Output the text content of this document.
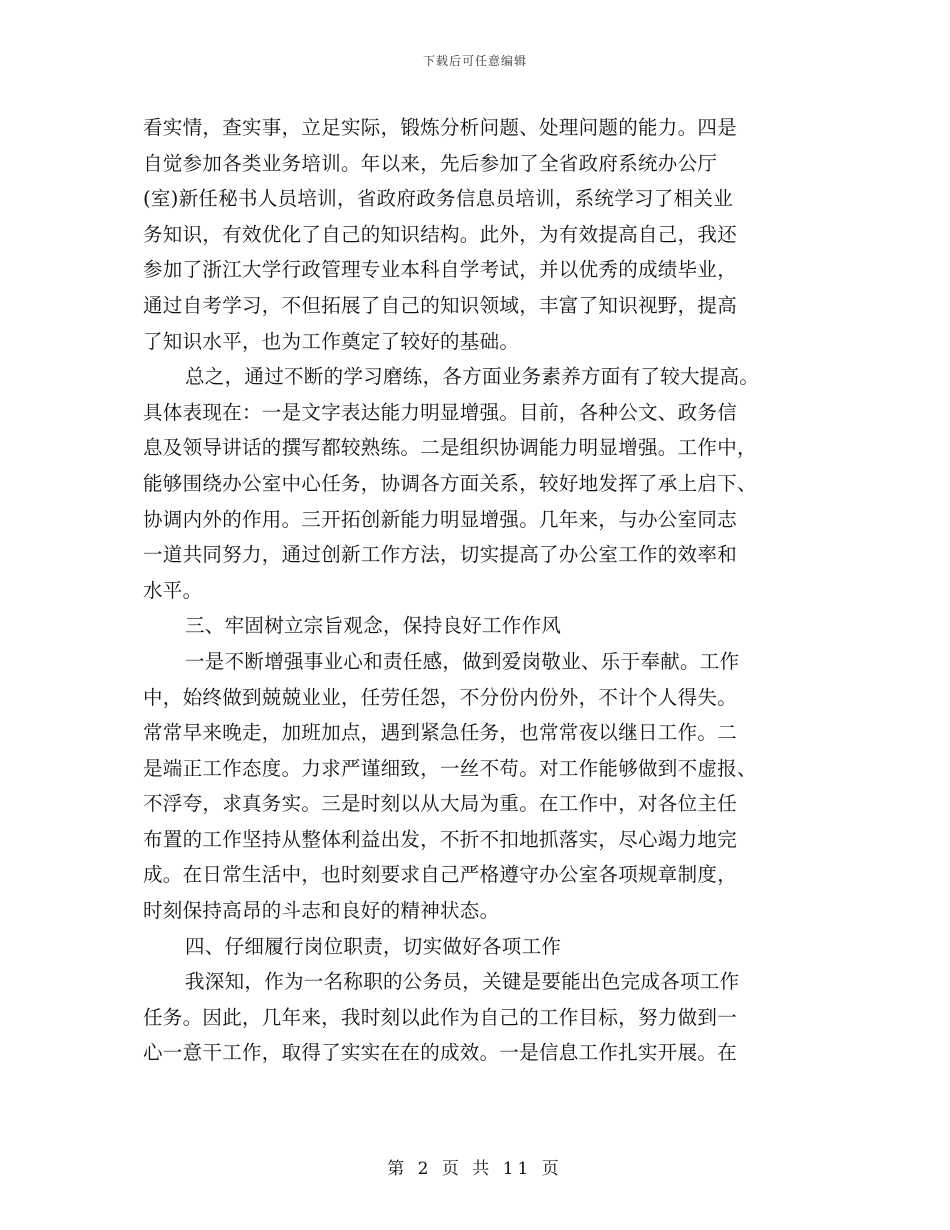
下载后可任意编辑
看实情，查实事，立足实际，锻炼分析问题、处理问题的能力。四是
自觉参加各类业务培训。年以来，先后参加了全省政府系统办公厅
(室)新任秘书人员培训，省政府政务信息员培训，系统学习了相关业
务知识，有效优化了自己的知识结构。此外，为有效提高自己，我还
参加了浙江大学行政管理专业本科自学考试，并以优秀的成绩毕业，
通过自考学习，不但拓展了自己的知识领域，丰富了知识视野，提高
了知识水平，也为工作奠定了较好的基础。
总之，通过不断的学习磨练，各方面业务素养方面有了较大提高。
具体表现在：一是文字表达能力明显增强。目前，各种公文、政务信
息及领导讲话的撰写都较熟练。二是组织协调能力明显增强。工作中，
能够围绕办公室中心任务，协调各方面关系，较好地发挥了承上启下、
协调内外的作用。三开拓创新能力明显增强。几年来，与办公室同志
一道共同努力，通过创新工作方法，切实提高了办公室工作的效率和
水平。
三、牢固树立宗旨观念，保持良好工作作风
一是不断增强事业心和责任感，做到爱岗敬业、乐于奉献。工作
中，始终做到兢兢业业，任劳任怨，不分份内份外，不计个人得失。
常常早来晚走，加班加点，遇到紧急任务，也常常夜以继日工作。二
是端正工作态度。力求严谨细致，一丝不苟。对工作能够做到不虚报、
不浮夸，求真务实。三是时刻以从大局为重。在工作中，对各位主任
布置的工作坚持从整体利益出发，不折不扣地抓落实，尽心竭力地完
成。在日常生活中，也时刻要求自己严格遵守办公室各项规章制度，
时刻保持高昂的斗志和良好的精神状态。
四、仔细履行岗位职责，切实做好各项工作
我深知，作为一名称职的公务员，关键是要能出色完成各项工作
任务。因此，几年来，我时刻以此作为自己的工作目标，努力做到一
心一意干工作，取得了实实在在的成效。一是信息工作扎实开展。在
第 2 页 共 11 页
